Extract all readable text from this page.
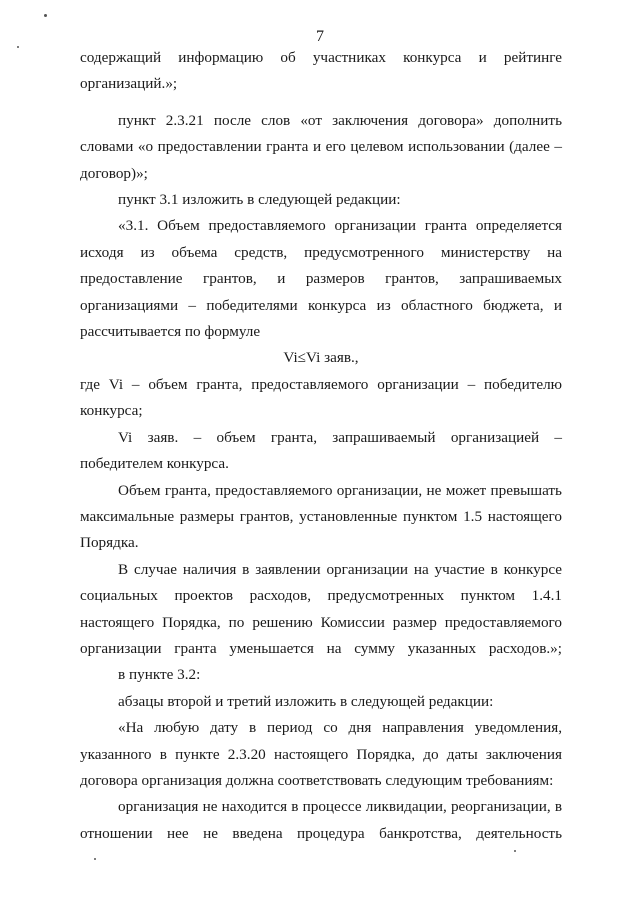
7

содержащий информацию об участниках конкурса и рейтинге организаций.»;

пункт 2.3.21 после слов «от заключения договора» дополнить словами «о предоставлении гранта и его целевом использовании (далее – договор)»;

пункт 3.1 изложить в следующей редакции:

«3.1. Объем предоставляемого организации гранта определяется исходя из объема средств, предусмотренного министерству на предоставление грантов, и размеров грантов, запрашиваемых организациями – победителями конкурса из областного бюджета, и рассчитывается по формуле

Vi≤Vi заяв.,

где Vi – объем гранта, предоставляемого организации – победителю конкурса;

Vi заяв. – объем гранта, запрашиваемый организацией – победителем конкурса.

Объем гранта, предоставляемого организации, не может превышать максимальные размеры грантов, установленные пунктом 1.5 настоящего Порядка.

В случае наличия в заявлении организации на участие в конкурсе социальных проектов расходов, предусмотренных пунктом 1.4.1 настоящего Порядка, по решению Комиссии размер предоставляемого организации гранта уменьшается на сумму указанных расходов.»;

в пункте 3.2:

абзацы второй и третий изложить в следующей редакции:

«На любую дату в период со дня направления уведомления, указанного в пункте 2.3.20 настоящего Порядка, до даты заключения договора организация должна соответствовать следующим требованиям:

организация не находится в процессе ликвидации, реорганизации, в отношении нее не введена процедура банкротства, деятельность
